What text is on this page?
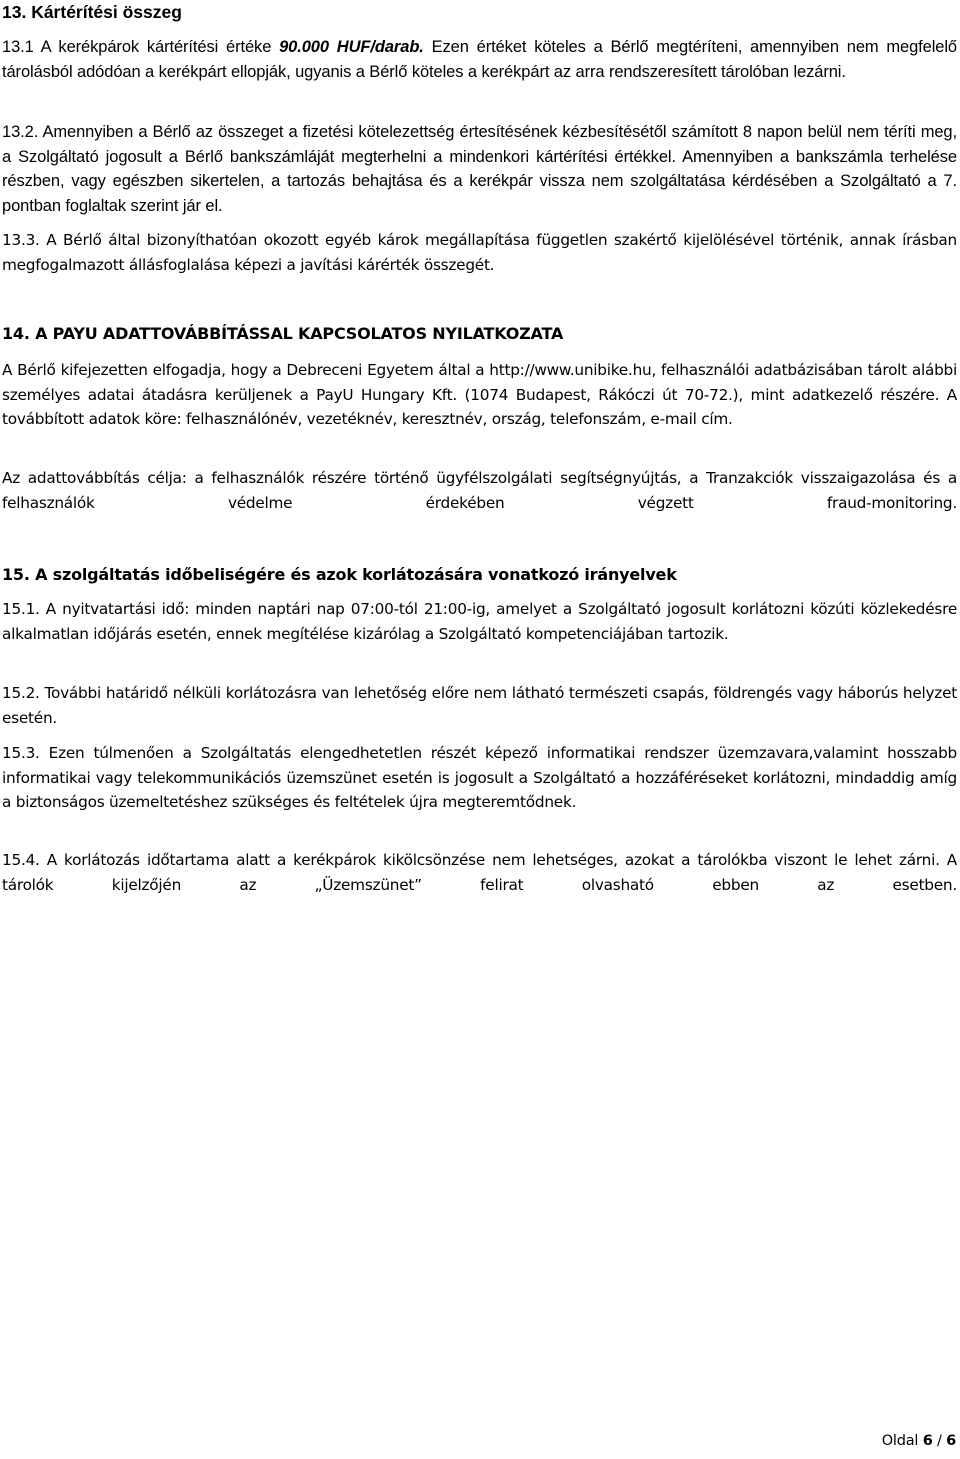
13. Kártérítési összeg

13.1 A kerékpárok kártérítési értéke 90.000 HUF/darab. Ezen értéket köteles a Bérlő megtéríteni, amennyiben nem megfelelő tárolásból adódóan a kerékpárt ellopják, ugyanis a Bérlő köteles a kerékpárt az arra rendszeresített tárolóban lezárni.

13.2. Amennyiben a Bérlő az összeget a fizetési kötelezettség értesítésének kézbesítésétől számított 8 napon belül nem téríti meg, a Szolgáltató jogosult a Bérlő bankszámláját megterhelni a mindenkori kártérítési értékkel. Amennyiben a bankszámla terhelése részben, vagy egészben sikertelen, a tartozás behajtása és a kerékpár vissza nem szolgáltatása kérdésében a Szolgáltató a 7. pontban foglaltak szerint jár el.

13.3. A Bérlő által bizonyíthatóan okozott egyéb károk megállapítása független szakértő kijelölésével történik, annak írásban megfogalmazott állásfoglalása képezi a javítási kárérték összegét.

14. A PAYU ADATTOVÁBBÍTÁSSAL KAPCSOLATOS NYILATKOZATA

A Bérlő kifejezetten elfogadja, hogy a Debreceni Egyetem által a http://www.unibike.hu, felhasználói adatbázisában tárolt alábbi személyes adatai átadásra kerüljenek a PayU Hungary Kft. (1074 Budapest, Rákóczi út 70-72.), mint adatkezelő részére. A továbbított adatok köre: felhasználónév, vezetéknév, keresztnév, ország, telefonszám, e-mail cím.

Az adattovábbítás célja: a felhasználók részére történő ügyfélszolgálati segítségnyújtás, a Tranzakciók visszaigazolása és a felhasználók védelme érdekében végzett fraud-monitoring.

15. A szolgáltatás időbeliségére és azok korlátozására vonatkozó irányelvek

15.1. A nyitvatartási idő: minden naptári nap 07:00-tól 21:00-ig, amelyet a Szolgáltató jogosult korlátozni közúti közlekedésre alkalmatlan időjárás esetén, ennek megítélése kizárólag a Szolgáltató kompetenciájában tartozik.

15.2. További határidő nélküli korlátozásra van lehetőség előre nem látható természeti csapás, földrengés vagy háborús helyzet esetén.

15.3. Ezen túlmenően a Szolgáltatás elengedhetetlen részét képező informatikai rendszer üzemzavara,valamint hosszabb informatikai vagy telekommunikációs üzemszünet esetén is jogosult a Szolgáltató a hozzáféréseket korlátozni, mindaddig amíg a biztonságos üzemeltetéshez szükséges és feltételek újra megteremtődnek.

15.4. A korlátozás időtartama alatt a kerékpárok kikölcsönzése nem lehetséges, azokat a tárolókba viszont le lehet zárni. A tárolók kijelzőjén az „Üzemszünet” felirat olvasható ebben az esetben.

Oldal 6 / 6
